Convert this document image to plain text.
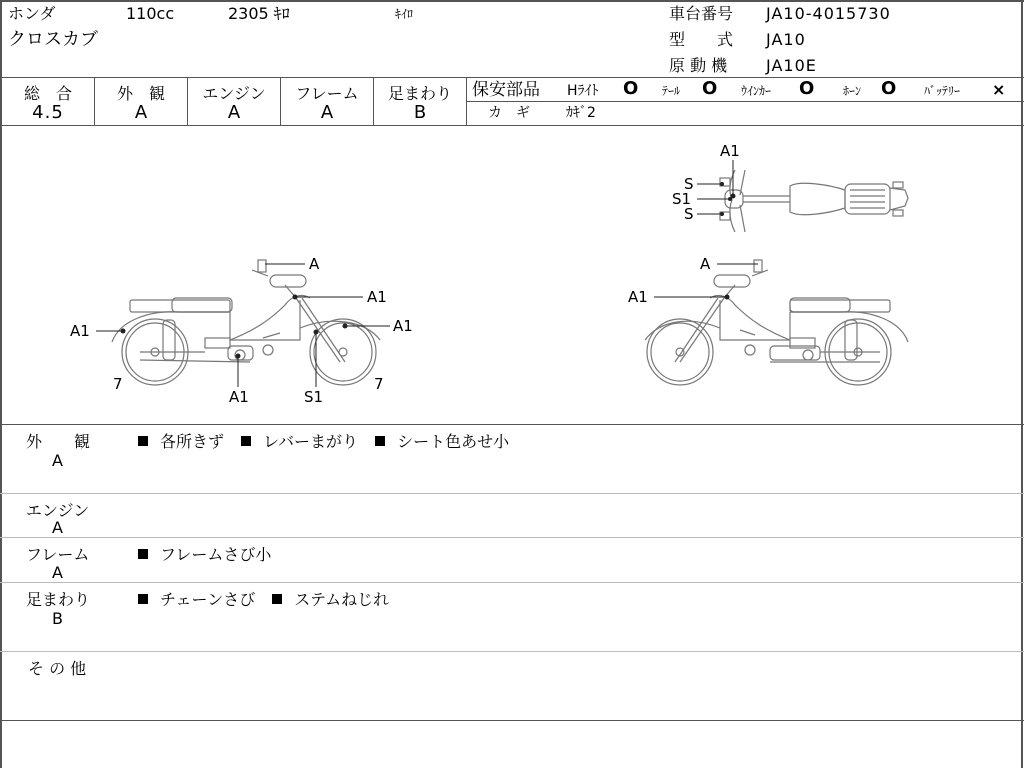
ホンダ	110cc	2305 ｷﾛ	ｷｲﾛ
クロスカブ
車台番号 JA10-4015730
型　　式 JA10
原 動 機 JA10E
総　合
4.5
外　観
A
エンジン
A
フレーム
A
足まわり
B
保安部品 Hﾗｲﾄ O ﾃｰﾙ O ｳｲﾝｶｰ O ﾎｰﾝ O ﾊﾞｯﾃﾘｰ ×
カ　ギ	ｶｷﾞ2
A1
S
S1
S
A
A1
A1	A1
7
A1	S1
7
A
A1
外　　観
A
各所きず レバーまがり シート色あせ小
エンジン
A
フレーム
A
フレームさび小
足まわり
B
チェーンさび ステムねじれ
そ の 他
